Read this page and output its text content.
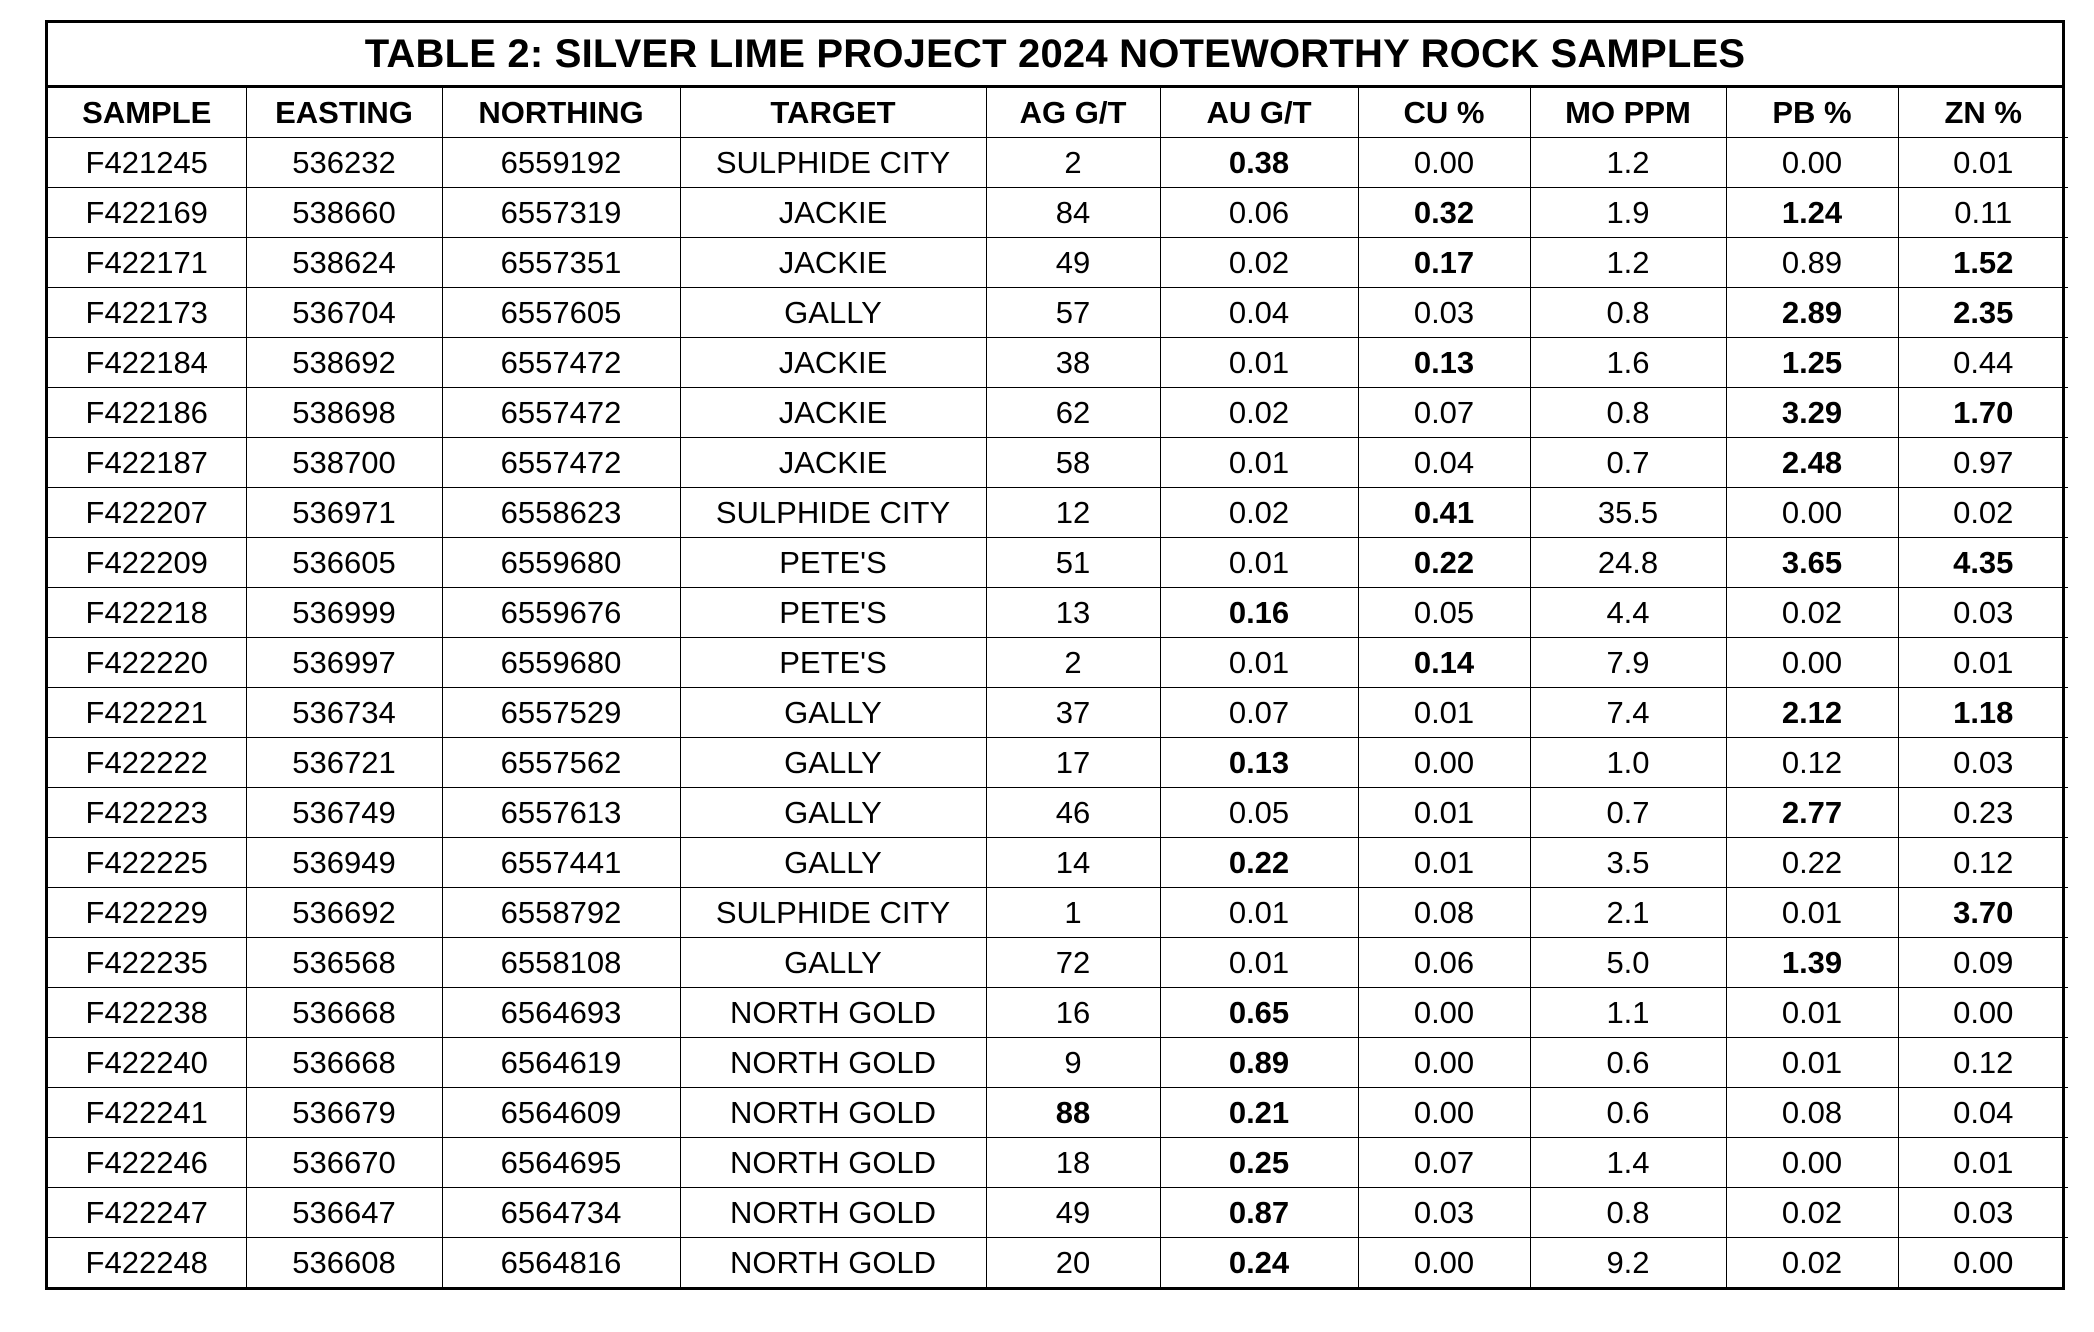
TABLE 2: SILVER LIME PROJECT 2024 NOTEWORTHY ROCK SAMPLES
SAMPLE	EASTING	NORTHING	TARGET	AG G/T	AU G/T	CU %	MO PPM	PB %	ZN %
F421245	536232	6559192	SULPHIDE CITY	2	0.38	0.00	1.2	0.00	0.01
F422169	538660	6557319	JACKIE	84	0.06	0.32	1.9	1.24	0.11
F422171	538624	6557351	JACKIE	49	0.02	0.17	1.2	0.89	1.52
F422173	536704	6557605	GALLY	57	0.04	0.03	0.8	2.89	2.35
F422184	538692	6557472	JACKIE	38	0.01	0.13	1.6	1.25	0.44
F422186	538698	6557472	JACKIE	62	0.02	0.07	0.8	3.29	1.70
F422187	538700	6557472	JACKIE	58	0.01	0.04	0.7	2.48	0.97
F422207	536971	6558623	SULPHIDE CITY	12	0.02	0.41	35.5	0.00	0.02
F422209	536605	6559680	PETE'S	51	0.01	0.22	24.8	3.65	4.35
F422218	536999	6559676	PETE'S	13	0.16	0.05	4.4	0.02	0.03
F422220	536997	6559680	PETE'S	2	0.01	0.14	7.9	0.00	0.01
F422221	536734	6557529	GALLY	37	0.07	0.01	7.4	2.12	1.18
F422222	536721	6557562	GALLY	17	0.13	0.00	1.0	0.12	0.03
F422223	536749	6557613	GALLY	46	0.05	0.01	0.7	2.77	0.23
F422225	536949	6557441	GALLY	14	0.22	0.01	3.5	0.22	0.12
F422229	536692	6558792	SULPHIDE CITY	1	0.01	0.08	2.1	0.01	3.70
F422235	536568	6558108	GALLY	72	0.01	0.06	5.0	1.39	0.09
F422238	536668	6564693	NORTH GOLD	16	0.65	0.00	1.1	0.01	0.00
F422240	536668	6564619	NORTH GOLD	9	0.89	0.00	0.6	0.01	0.12
F422241	536679	6564609	NORTH GOLD	88	0.21	0.00	0.6	0.08	0.04
F422246	536670	6564695	NORTH GOLD	18	0.25	0.07	1.4	0.00	0.01
F422247	536647	6564734	NORTH GOLD	49	0.87	0.03	0.8	0.02	0.03
F422248	536608	6564816	NORTH GOLD	20	0.24	0.00	9.2	0.02	0.00
